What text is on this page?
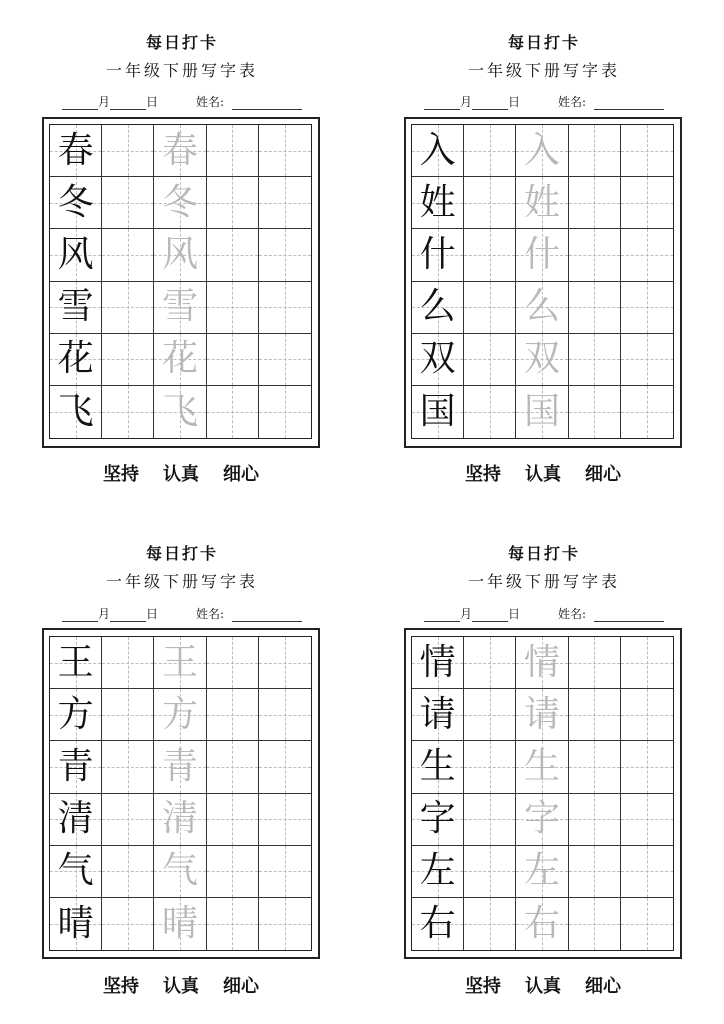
每日打卡
一年级下册写字表
月	日	姓名:
春 春
冬 冬
风 风
雪 雪
花 花
飞 飞
坚持 认真 细心
每日打卡
一年级下册写字表
月	日	姓名:
入 入
姓 姓
什 什
么 么
双 双
国 国
坚持 认真 细心
每日打卡
一年级下册写字表
月	日	姓名:
王 王
方 方
青 青
清 清
气 气
晴 晴
坚持 认真 细心
每日打卡
一年级下册写字表
月	日	姓名:
情 情
请 请
生 生
字 字
左 左
右 右
坚持 认真 细心
